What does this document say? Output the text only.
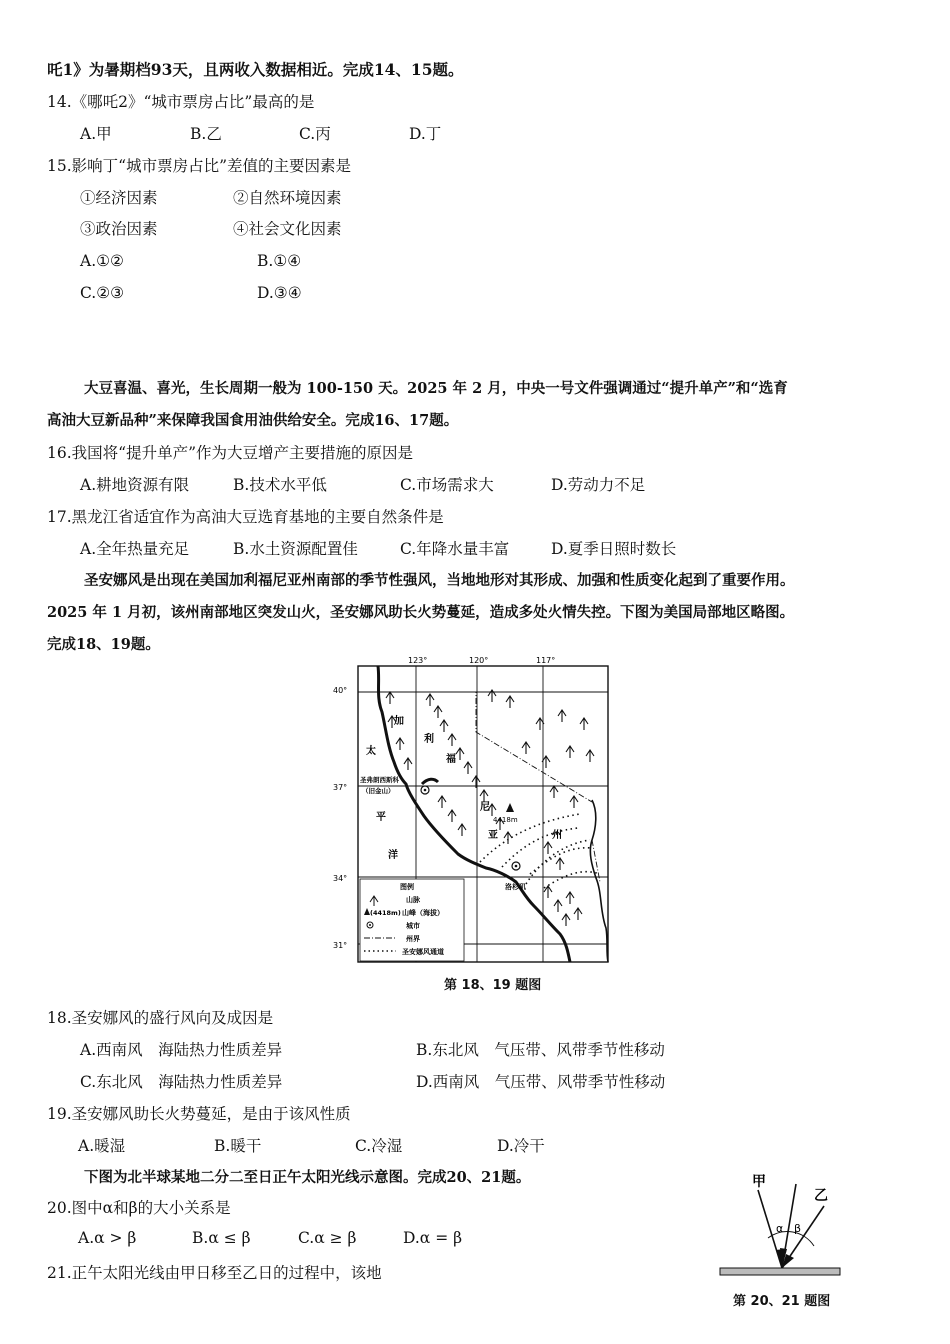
吒1》为暑期档93天，且两收入数据相近。完成14、15题。
14.《哪吒2》“城市票房占比”最高的是
A.甲	B.乙	C.丙	D.丁
15.影响丁“城市票房占比”差值的主要因素是
①经济因素	②自然环境因素
③政治因素	④社会文化因素
A.①②	B.①④
C.②③	D.③④
大豆喜温、喜光，生长周期一般为 100-150 天。2025 年 2 月，中央一号文件强调通过“提升单产”和“选育
高油大豆新品种”来保障我国食用油供给安全。完成16、17题。
16.我国将“提升单产”作为大豆增产主要措施的原因是
A.耕地资源有限	B.技术水平低	C.市场需求大	D.劳动力不足
17.黑龙江省适宜作为高油大豆选育基地的主要自然条件是
A.全年热量充足	B.水土资源配置佳	C.年降水量丰富	D.夏季日照时数长
圣安娜风是出现在美国加利福尼亚州南部的季节性强风，当地地形对其形成、加强和性质变化起到了重要作用。
2025 年 1 月初，该州南部地区突发山火，圣安娜风助长火势蔓延，造成多处火情失控。下图为美国局部地区略图。
完成18、19题。
123°	120°	117°
40°
37°
34°
31°
4418m
圣弗朗西斯科
（旧金山）
洛杉矶
太
平
洋
加
利
福
尼
亚	州
图例
山脉
(4418m) 山峰（海拔）
城市
州界
圣安娜风通道
第 18、19 题图
18.圣安娜风的盛行风向及成因是
A.西南风　海陆热力性质差异	B.东北风　气压带、风带季节性移动
C.东北风　海陆热力性质差异	D.西南风　气压带、风带季节性移动
19.圣安娜风助长火势蔓延，是由于该风性质
A.暖湿	B.暖干	C.冷湿	D.冷干
下图为北半球某地二分二至日正午太阳光线示意图。完成20、21题。
20.图中α和β的大小关系是
A.α > β	B.α ≤ β	C.α ≥ β	D.α = β
21.正午太阳光线由甲日移至乙日的过程中，该地
甲
乙
α β
第 20、21 题图
